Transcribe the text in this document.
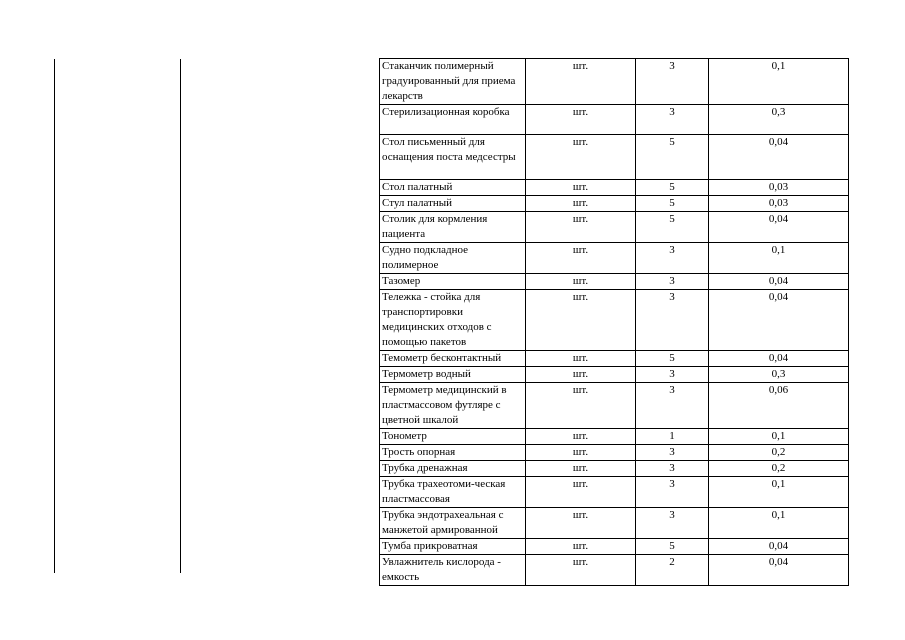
Стаканчик полимерный градуированный для приема лекарств	шт.	3	0,1
Стерилизационная коробка	шт.	3	0,3
Стол письменный для оснащения поста медсестры	шт.	5	0,04
Стол палатный	шт.	5	0,03
Стул палатный	шт.	5	0,03
Столик для кормления пациента	шт.	5	0,04
Судно подкладное полимерное	шт.	3	0,1
Тазомер	шт.	3	0,04
Тележка - стойка для транспортировки медицинских отходов с помощью пакетов	шт.	3	0,04
Темометр бесконтактный	шт.	5	0,04
Термометр водный	шт.	3	0,3
Термометр медицинский в пластмассовом футляре с цветной шкалой	шт.	3	0,06
Тонометр	шт.	1	0,1
Трость опорная	шт.	3	0,2
Трубка дренажная	шт.	3	0,2
Трубка трахеотоми-ческая пластмассовая	шт.	3	0,1
Трубка эндотрахеальная с манжетой армированной	шт.	3	0,1
Тумба прикроватная	шт.	5	0,04
Увлажнитель кислорода - емкость	шт.	2	0,04
